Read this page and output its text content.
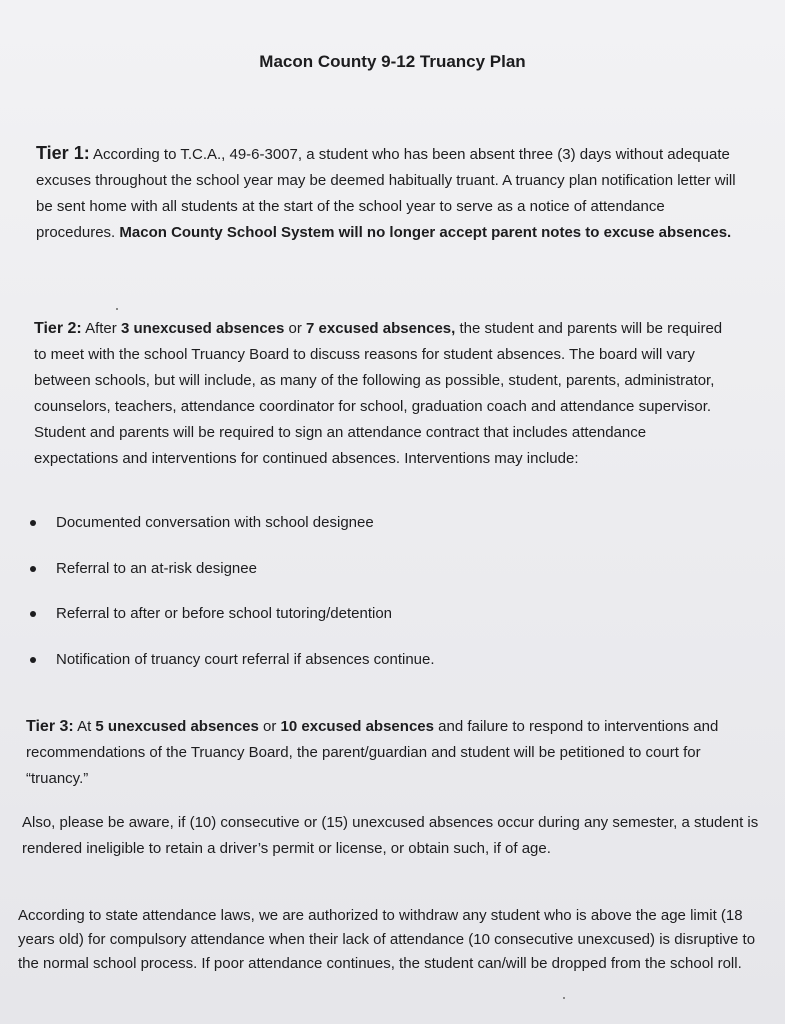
Macon County 9-12 Truancy Plan

Tier 1: According to T.C.A., 49-6-3007, a student who has been absent three (3) days without adequate excuses throughout the school year may be deemed habitually truant. A truancy plan notification letter will be sent home with all students at the start of the school year to serve as a notice of attendance procedures. Macon County School System will no longer accept parent notes to excuse absences.

Tier 2: After 3 unexcused absences or 7 excused absences, the student and parents will be required to meet with the school Truancy Board to discuss reasons for student absences. The board will vary between schools, but will include, as many of the following as possible, student, parents, administrator, counselors, teachers, attendance coordinator for school, graduation coach and attendance supervisor. Student and parents will be required to sign an attendance contract that includes attendance expectations and interventions for continued absences. Interventions may include:

Documented conversation with school designee
Referral to an at-risk designee
Referral to after or before school tutoring/detention
Notification of truancy court referral if absences continue.

Tier 3: At 5 unexcused absences or 10 excused absences and failure to respond to interventions and recommendations of the Truancy Board, the parent/guardian and student will be petitioned to court for “truancy.”

Also, please be aware, if (10) consecutive or (15) unexcused absences occur during any semester, a student is rendered ineligible to retain a driver’s permit or license, or obtain such, if of age.

According to state attendance laws, we are authorized to withdraw any student who is above the age limit (18 years old) for compulsory attendance when their lack of attendance (10 consecutive unexcused) is disruptive to the normal school process. If poor attendance continues, the student can/will be dropped from the school roll.
